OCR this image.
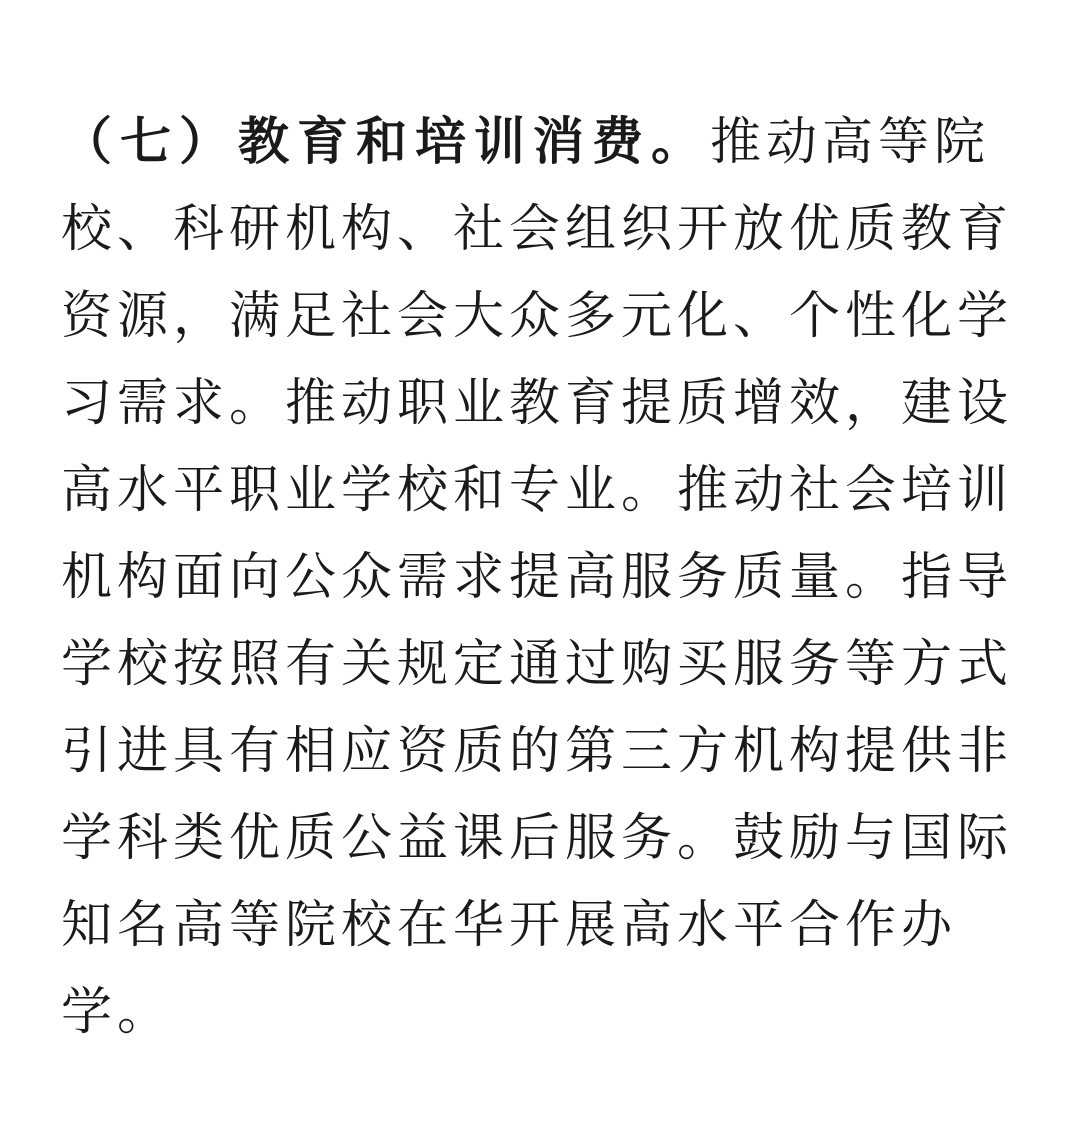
（七）教育和培训消费。推动高等院
校、科研机构、社会组织开放优质教育
资源，满足社会大众多元化、个性化学
习需求。推动职业教育提质增效，建设
高水平职业学校和专业。推动社会培训
机构面向公众需求提高服务质量。指导
学校按照有关规定通过购买服务等方式
引进具有相应资质的第三方机构提供非
学科类优质公益课后服务。鼓励与国际
知名高等院校在华开展高水平合作办
学。
